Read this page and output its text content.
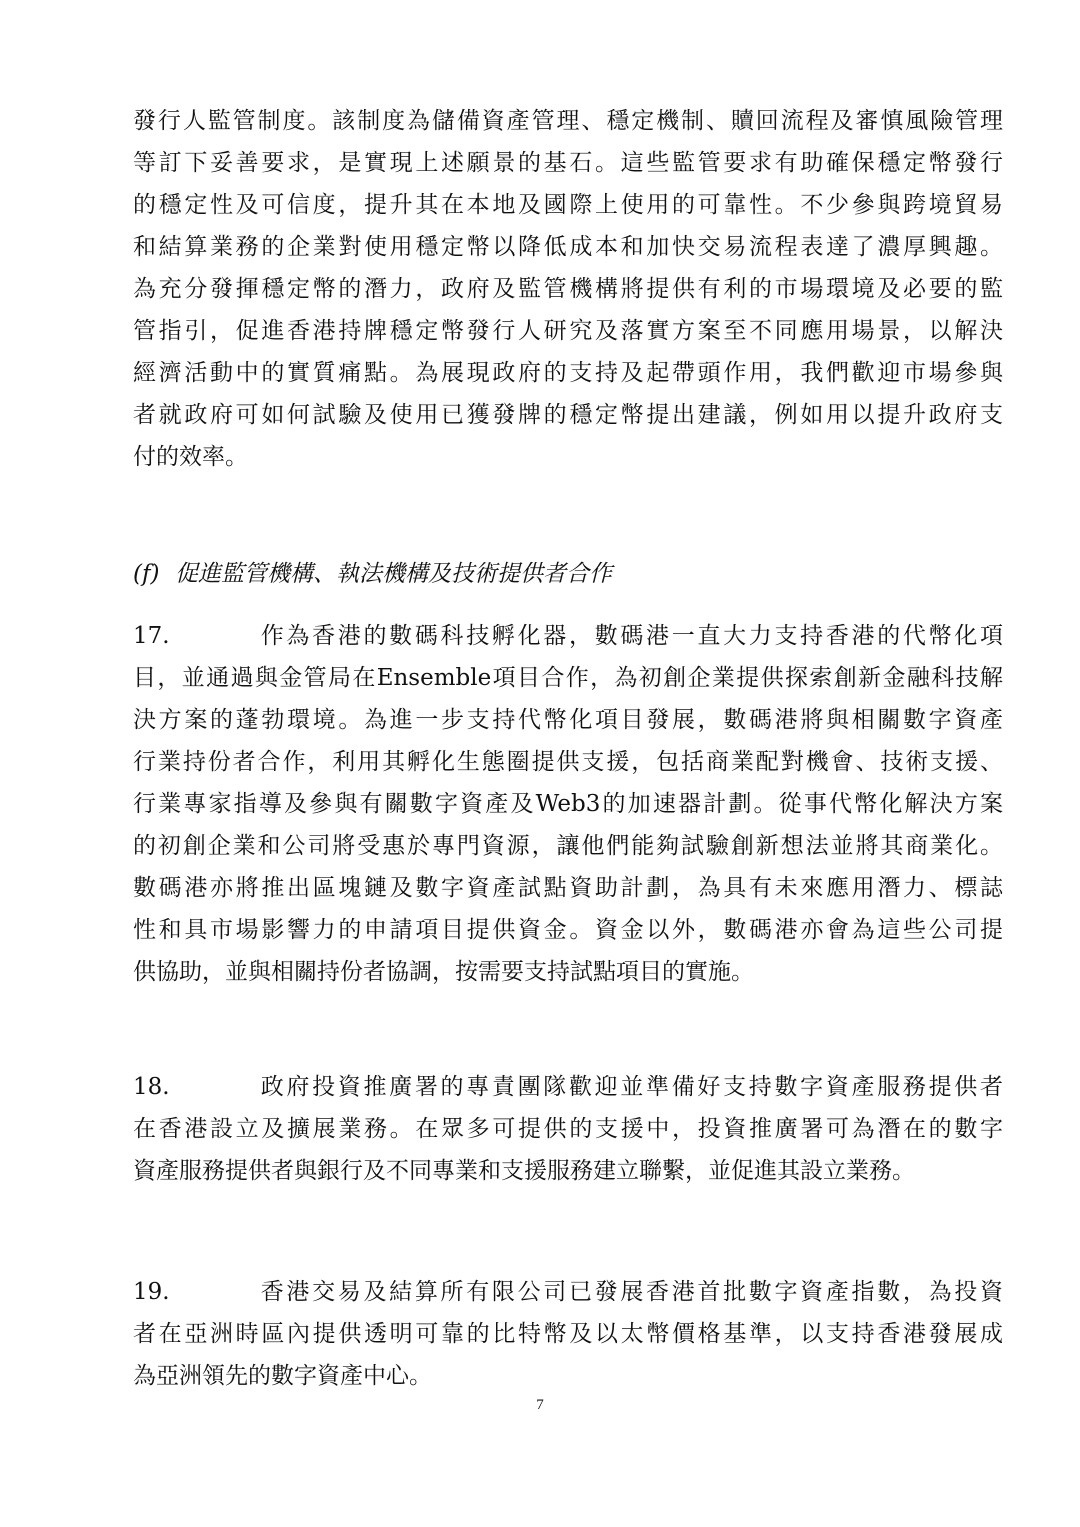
發行人監管制度。該制度為儲備資產管理、穩定機制、贖回流程及審慎風險管理
等訂下妥善要求，是實現上述願景的基石。這些監管要求有助確保穩定幣發行
的穩定性及可信度，提升其在本地及國際上使用的可靠性。不少參與跨境貿易
和結算業務的企業對使用穩定幣以降低成本和加快交易流程表達了濃厚興趣。
為充分發揮穩定幣的潛力，政府及監管機構將提供有利的市場環境及必要的監
管指引，促進香港持牌穩定幣發行人研究及落實方案至不同應用場景，以解決
經濟活動中的實質痛點。為展現政府的支持及起帶頭作用，我們歡迎市場參與
者就政府可如何試驗及使用已獲發牌的穩定幣提出建議，例如用以提升政府支
付的效率。
(f) 促進監管機構、執法機構及技術提供者合作
17.	作為香港的數碼科技孵化器，數碼港一直大力支持香港的代幣化項
目，並通過與金管局在Ensemble項目合作，為初創企業提供探索創新金融科技解
決方案的蓬勃環境。為進一步支持代幣化項目發展，數碼港將與相關數字資產
行業持份者合作，利用其孵化生態圈提供支援，包括商業配對機會、技術支援、
行業專家指導及參與有關數字資產及Web3的加速器計劃。從事代幣化解決方案
的初創企業和公司將受惠於專門資源，讓他們能夠試驗創新想法並將其商業化。
數碼港亦將推出區塊鏈及數字資產試點資助計劃，為具有未來應用潛力、標誌
性和具市場影響力的申請項目提供資金。資金以外，數碼港亦會為這些公司提
供協助，並與相關持份者協調，按需要支持試點項目的實施。
18.	政府投資推廣署的專責團隊歡迎並準備好支持數字資產服務提供者
在香港設立及擴展業務。在眾多可提供的支援中，投資推廣署可為潛在的數字
資產服務提供者與銀行及不同專業和支援服務建立聯繫，並促進其設立業務。
19.	香港交易及結算所有限公司已發展香港首批數字資產指數，為投資
者在亞洲時區內提供透明可靠的比特幣及以太幣價格基準，以支持香港發展成
為亞洲領先的數字資產中心。
7
